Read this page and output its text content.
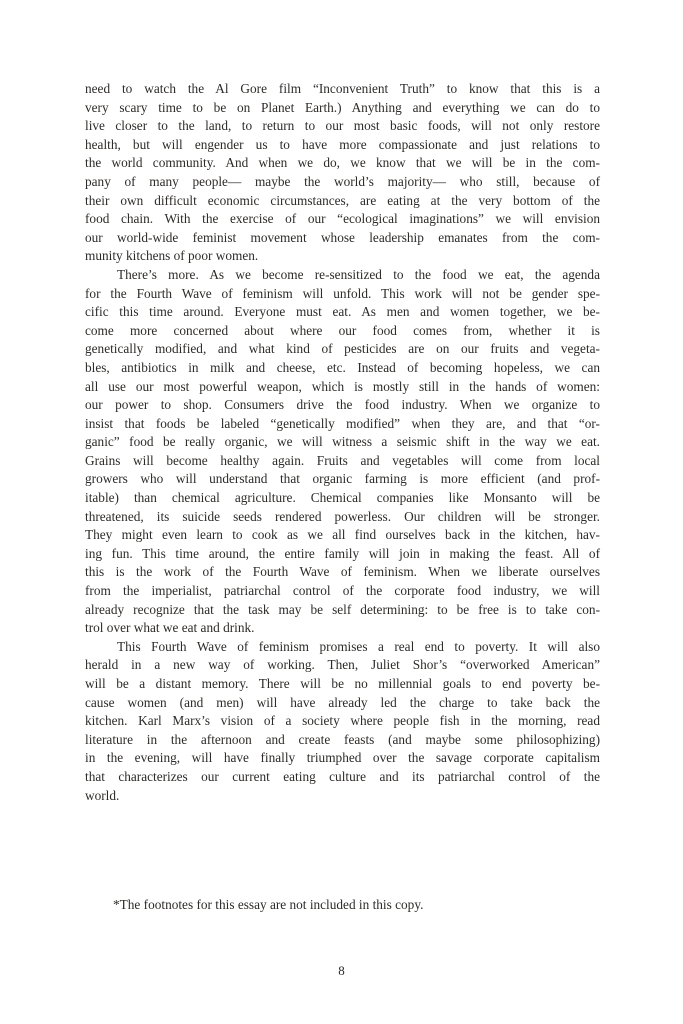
need to watch the Al Gore film “Inconvenient Truth” to know that this is a
very scary time to be on Planet Earth.) Anything and everything we can do to
live closer to the land, to return to our most basic foods, will not only restore
health, but will engender us to have more compassionate and just relations to
the world community. And when we do, we know that we will be in the com-
pany of many people— maybe the world’s majority— who still, because of
their own difficult economic circumstances, are eating at the very bottom of the
food chain. With the exercise of our “ecological imaginations” we will envision
our world-wide feminist movement whose leadership emanates from the com-
munity kitchens of poor women.

There’s more. As we become re-sensitized to the food we eat, the agenda
for the Fourth Wave of feminism will unfold. This work will not be gender spe-
cific this time around. Everyone must eat. As men and women together, we be-
come more concerned about where our food comes from, whether it is
genetically modified, and what kind of pesticides are on our fruits and vegeta-
bles, antibiotics in milk and cheese, etc. Instead of becoming hopeless, we can
all use our most powerful weapon, which is mostly still in the hands of women:
our power to shop. Consumers drive the food industry. When we organize to
insist that foods be labeled “genetically modified” when they are, and that “or-
ganic” food be really organic, we will witness a seismic shift in the way we eat.
Grains will become healthy again. Fruits and vegetables will come from local
growers who will understand that organic farming is more efficient (and prof-
itable) than chemical agriculture. Chemical companies like Monsanto will be
threatened, its suicide seeds rendered powerless. Our children will be stronger.
They might even learn to cook as we all find ourselves back in the kitchen, hav-
ing fun. This time around, the entire family will join in making the feast. All of
this is the work of the Fourth Wave of feminism. When we liberate ourselves
from the imperialist, patriarchal control of the corporate food industry, we will
already recognize that the task may be self determining: to be free is to take con-
trol over what we eat and drink.

This Fourth Wave of feminism promises a real end to poverty. It will also
herald in a new way of working. Then, Juliet Shor’s “overworked American”
will be a distant memory. There will be no millennial goals to end poverty be-
cause women (and men) will have already led the charge to take back the
kitchen. Karl Marx’s vision of a society where people fish in the morning, read
literature in the afternoon and create feasts (and maybe some philosophizing)
in the evening, will have finally triumphed over the savage corporate capitalism
that characterizes our current eating culture and its patriarchal control of the
world.

*The footnotes for this essay are not included in this copy.

8
